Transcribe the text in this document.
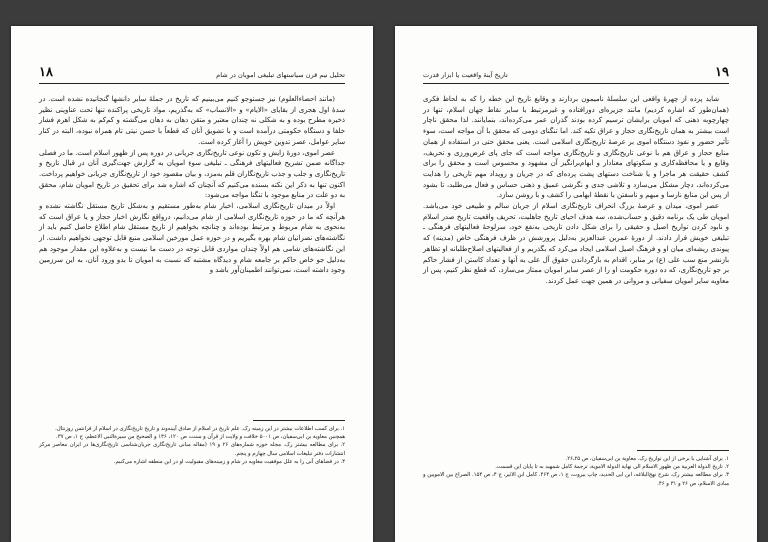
۱۸	تحلیل نیم قرن سیاستهای تبلیغی امویان در شام

(مانند احصاءالعلوم) نیز جستوجو کنیم می‌بینیم که تاریخ در جملهٔ سایر دانشها گنجانیده نشده است. در سدهٔ اول هجری از بقایای «الایام» و «الانساب» که به‌گذریم، مواد تاریخی پراکنده تنها تحت عناوینی نظیر ذخیره مطرح بوده و به شکلی نه چندان معتبر و متقن دهان به دهان می‌گشته و کم‌کم به شکل اهرم فشار خلفا و دستگاه حکومتی درآمده است و با تشویق آنان که قطعاً با حسن نیتی تام همراه نبوده، البته در کنار سایر عوامل، عصر تدوین خویش را آغاز کرده است.

عصر اموی، دورهٔ زایش و تکون نوعی تاریخ‌نگاری جریانی در دوره پس از ظهور اسلام است. ما در فصلی جداگانه ضمن تشریح فعالیتهای فرهنگی ـ تبلیغی سوءِ امویان به گزارش جهت‌گیری آنان در قبال تاریخ و تاریخ‌نگاری و جلب و جذب تاریخ‌نگاران قلم به‌مزد، و بیان مقصود خود از تاریخ‌نگاری جریانی خواهیم پرداخت. اکنون تنها به ذکر این نکته بسنده می‌کنیم که آنچنان که اشاره شد برای تحقیق در تاریخ امویان شام، محقق به دو علت در منابع موجود با تنگنا مواجه می‌شود:

اولاً در میدان تاریخ‌نگاری اسلامی، اخبار شام به‌طور مستقیم و به‌شکل تاریخ مستقل نگاشته نشده و هرآنچه که ما در حوزه تاریخ‌نگاری اسلامی از شام می‌دانیم، درواقع نگارش اخبار حجاز و یا عراق است که به‌نحوی به شام مربوط و مرتبط بوده‌اند و چنانچه بخواهیم از تاریخ مستقل شام اطلاع حاصل کنیم باید از نگاشته‌های نصرانیان شام بهره بگیریم و در حوزه عمل مورخین اسلامی منبع قابل توجهی نخواهیم داشت. از این نگاشته‌های شامی هم اولاً چندان مواردی قابل توجه در دست ما نیست و به‌علاوه این مقدار موجود هم به‌دلیل جو خاص حاکم بر جامعه شام و دیدگاه مشتبه که نسبت به امویان تا بدو ورود آنان، به این سرزمین وجود داشته است، نمی‌توانند اطمینان‌آور باشد و

۱. برای کسب اطلاعات بیشتر در این زمینه رک. علم تاریخ در اسلام از صادق آیینه‌وند و تاریخ تاریخ‌نگاری در اسلام از فرانتس روزنتال.
همچنین معاویة بن ابی‌سفیان، ص ۵۰۰۱ خلافت و ولایت از قرآن و سنت، ص ۱۲۰، ۱۳۶ و الصحیح من سیرة‌النبی الاعظم، ج ۱، ص ۳۷.
۲. برای مطالعه بیشتر رک. مجله حوزه شماره‌های ۲۶ و ۱۹ (مقاله مبانی تاریخ‌نگاری جریان‌شناسی تاریخ‌نگاری‌ها در ایران معاصر مرکز انتشارات دفتر تبلیغات اسلامی سال چهارم و پنجم.
۳. در فضاهای آنی را به علل موفقیت معاویه در شام و زمینه‌های مقبولیت او در این منطقه اشاره می‌کنیم.
۱۹
تاریخ آینهٔ واقعیت یا ابزار قدرت

شاید پرده از چهرهٔ واقعی این سلسلهٔ نامیمون بردارند و وقایع تاریخ این خطه را که به لحاظ فکری (همان‌طور که اشاره کردیم) مانند جزیره‌ای دورافتاده و غیرمرتبط با سایر نقاط جهان اسلام، تنها در چهارچوبه ذهنی که امویان برایشان ترسیم کرده بودند گذران عمر می‌کرده‌اند، بنمایانند. لذا محقق ناچار است بیشتر به همان تاریخ‌نگاری حجاز و عراق تکیه کند. اما تنگنای دومی که محقق با آن مواجه است، سوء تأثیر حضور و نفوذ دستگاه اموی بر عرصهٔ تاریخ‌نگاری اسلامی است. یعنی محقق حتی در استفاده از همان منابع حجاز و عراق هم با نوعی تاریخ‌نگاری و تاریخ‌نگاری مواجه است که جای پای غرض‌ورزی و تحریف، وقایع و یا محافظه‌کاری و سکوتهای معنادار و ابهام‌برانگیز آن مشهود و محسوس است و محقق را برای کشف حقیقت هر ماجرا و یا شناخت دستهای پشت پرده‌ای که در جریان و رویداد مهم تاریخی را هدایت می‌کرده‌اند، دچار مشکل می‌سازد و تلاشی جدی و نگرشی عمیق و ذهنی حساس و فعال می‌طلبد، تا بشود از پس این منابع نارسا و مبهم و ناسفتن با نقطهٔ ابهامی را کشف و با روشن سازد.

عصر اموی، میدان و عرصهٔ بزرگ انحراف تاریخ‌نگاری اسلام از جریان سالم و طبیعی خود می‌باشد. امویان طی یک برنامه دقیق و حساب‌شده، سه هدف احیای تاریخ جاهلیت، تحریف واقعیت تاریخ صدر اسلام و نابود کردن تواریخ اصیل و حقیقی را برای شکل دادن تاریخی به‌نفع خود، سرلوحهٔ فعالیتهای فرهنگی ـ تبلیغی خویش قرار دادند. از دورهٔ عمربن عبدالعزیز به‌دلیل پرورشش در ظرف فرهنگی خاص (مدینه) که پیوندی ریشه‌ای میان او و فرهنگ اصیل اسلامی ایجاد می‌کرد که بگذریم و از فعالیتهای اصلاح‌طلبانه او تظاهر بازنشر منع سب علی (ع) بر منابر، اقدام به بازگرداندن حقوق آل علی به آنها و تعداد کاستن از فشار حاکم بر جو تاریخ‌نگاری، که ده دوره حکومت او را از عصر سایر امویان ممتاز می‌سازد، که قطع نظر کنیم، پس از معاویه سایر امویان سفیانی و مروانی در همین جهت عمل کردند.

۱. برای آشنایی با برخی از این تواریخ رک. معاویة بن ابی‌سفیان، ص ۲۵ـ۲۶.
۲. تاریخ الدولة العربیة من ظهور الاسلام الی نهایة الدولة الامویة، ترجمهٔ کامل شمهید به تا پایان این قسمت.
۳. برای مطالعه بیشتر رک. شرح نهج‌البلاغه، ابن ابی الحدید، چاپ بیروت، ج ۱، ص ۴۶۴. کامل ابن الاثیر، ج ۴، ص ۱۵۴. الصراع بین الامویین و مبادی الاسلام، ص ۲۶ و ۳۱ و ۴۶.
